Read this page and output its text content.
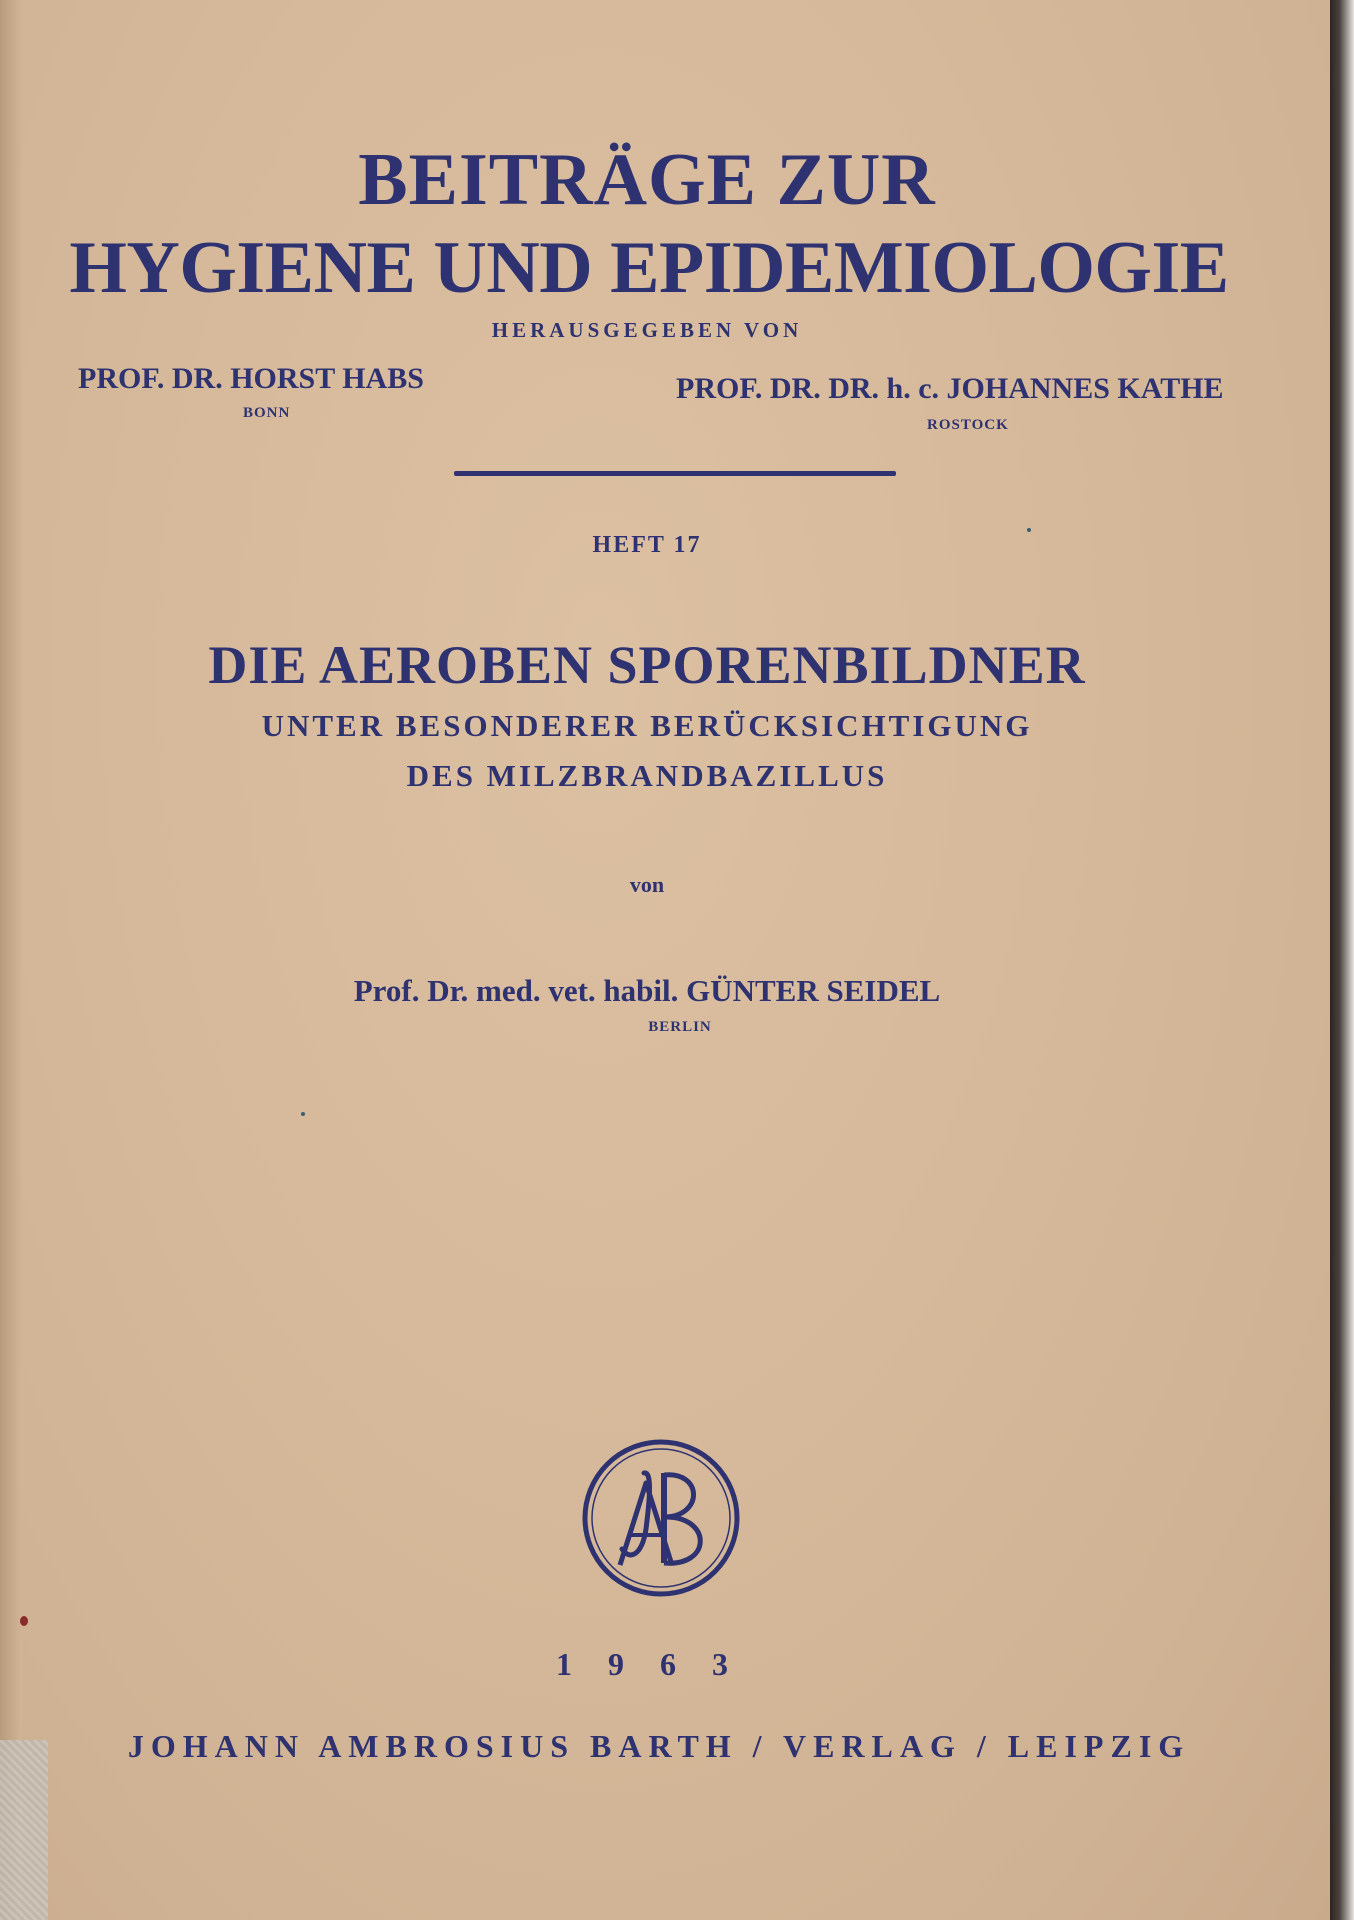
BEITRÄGE ZUR

HYGIENE UND EPIDEMIOLOGIE

HERAUSGEGEBEN VON

PROF. DR. HORST HABS

BONN

PROF. DR. DR. h. c. JOHANNES KATHE

ROSTOCK

HEFT 17

DIE AEROBEN SPORENBILDNER

UNTER BESONDERER BERÜCKSICHTIGUNG

DES MILZBRANDBAZILLUS

von

Prof. Dr. med. vet. habil. GÜNTER SEIDEL

BERLIN

1963

JOHANN AMBROSIUS BARTH / VERLAG / LEIPZIG
